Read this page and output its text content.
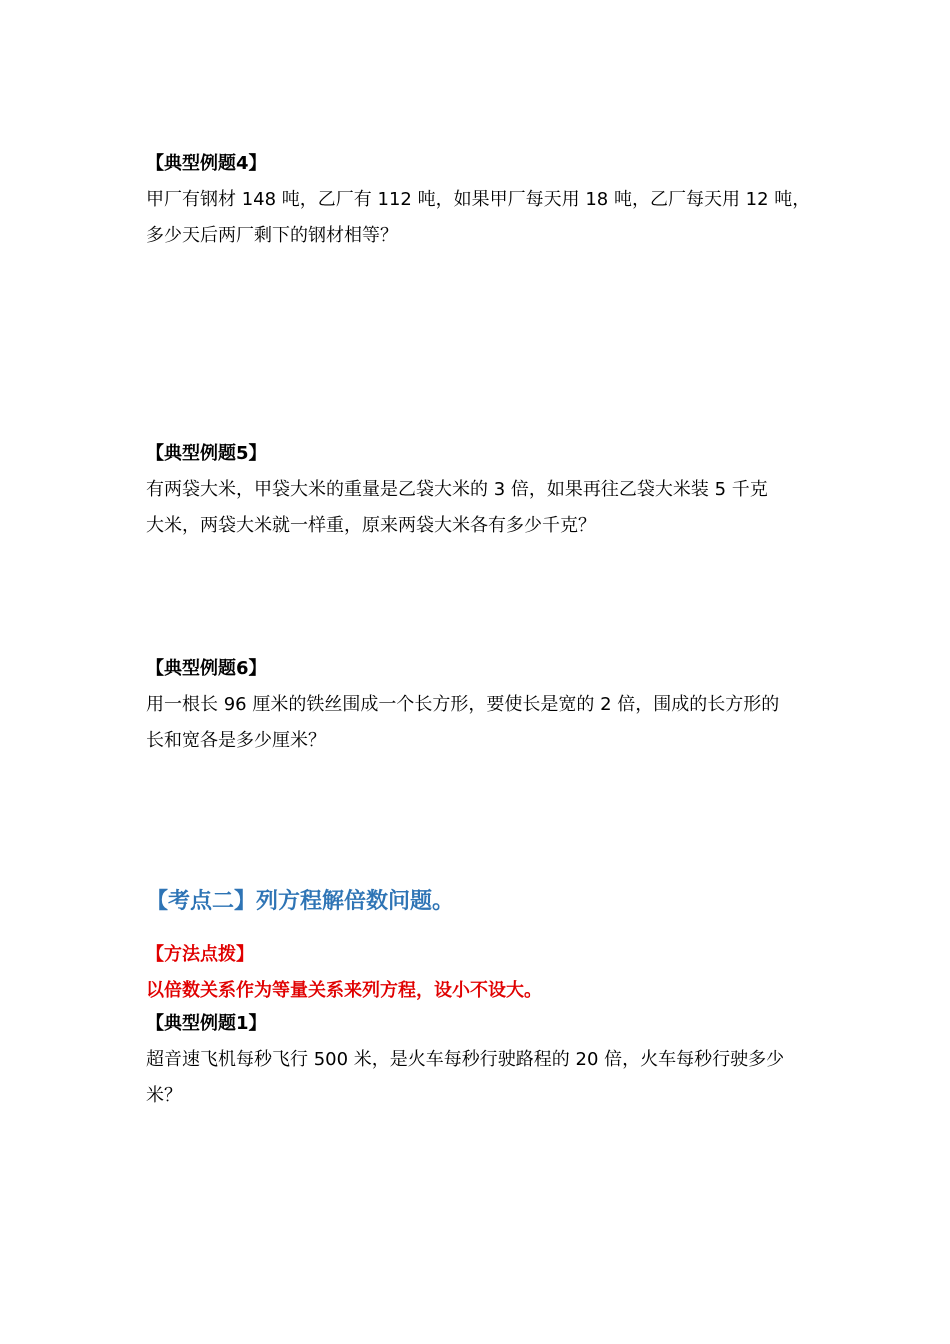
【典型例题4】

甲厂有钢材 148 吨，乙厂有 112 吨，如果甲厂每天用 18 吨，乙厂每天用 12 吨，

多少天后两厂剩下的钢材相等？

【典型例题5】

有两袋大米，甲袋大米的重量是乙袋大米的 3 倍，如果再往乙袋大米装 5 千克

大米，两袋大米就一样重，原来两袋大米各有多少千克？

【典型例题6】

用一根长 96 厘米的铁丝围成一个长方形，要使长是宽的 2 倍，围成的长方形的

长和宽各是多少厘米？

【考点二】列方程解倍数问题。
【方法点拨】
以倍数关系作为等量关系来列方程，设小不设大。

【典型例题1】

超音速飞机每秒飞行 500 米，是火车每秒行驶路程的 20 倍，火车每秒行驶多少

米？
